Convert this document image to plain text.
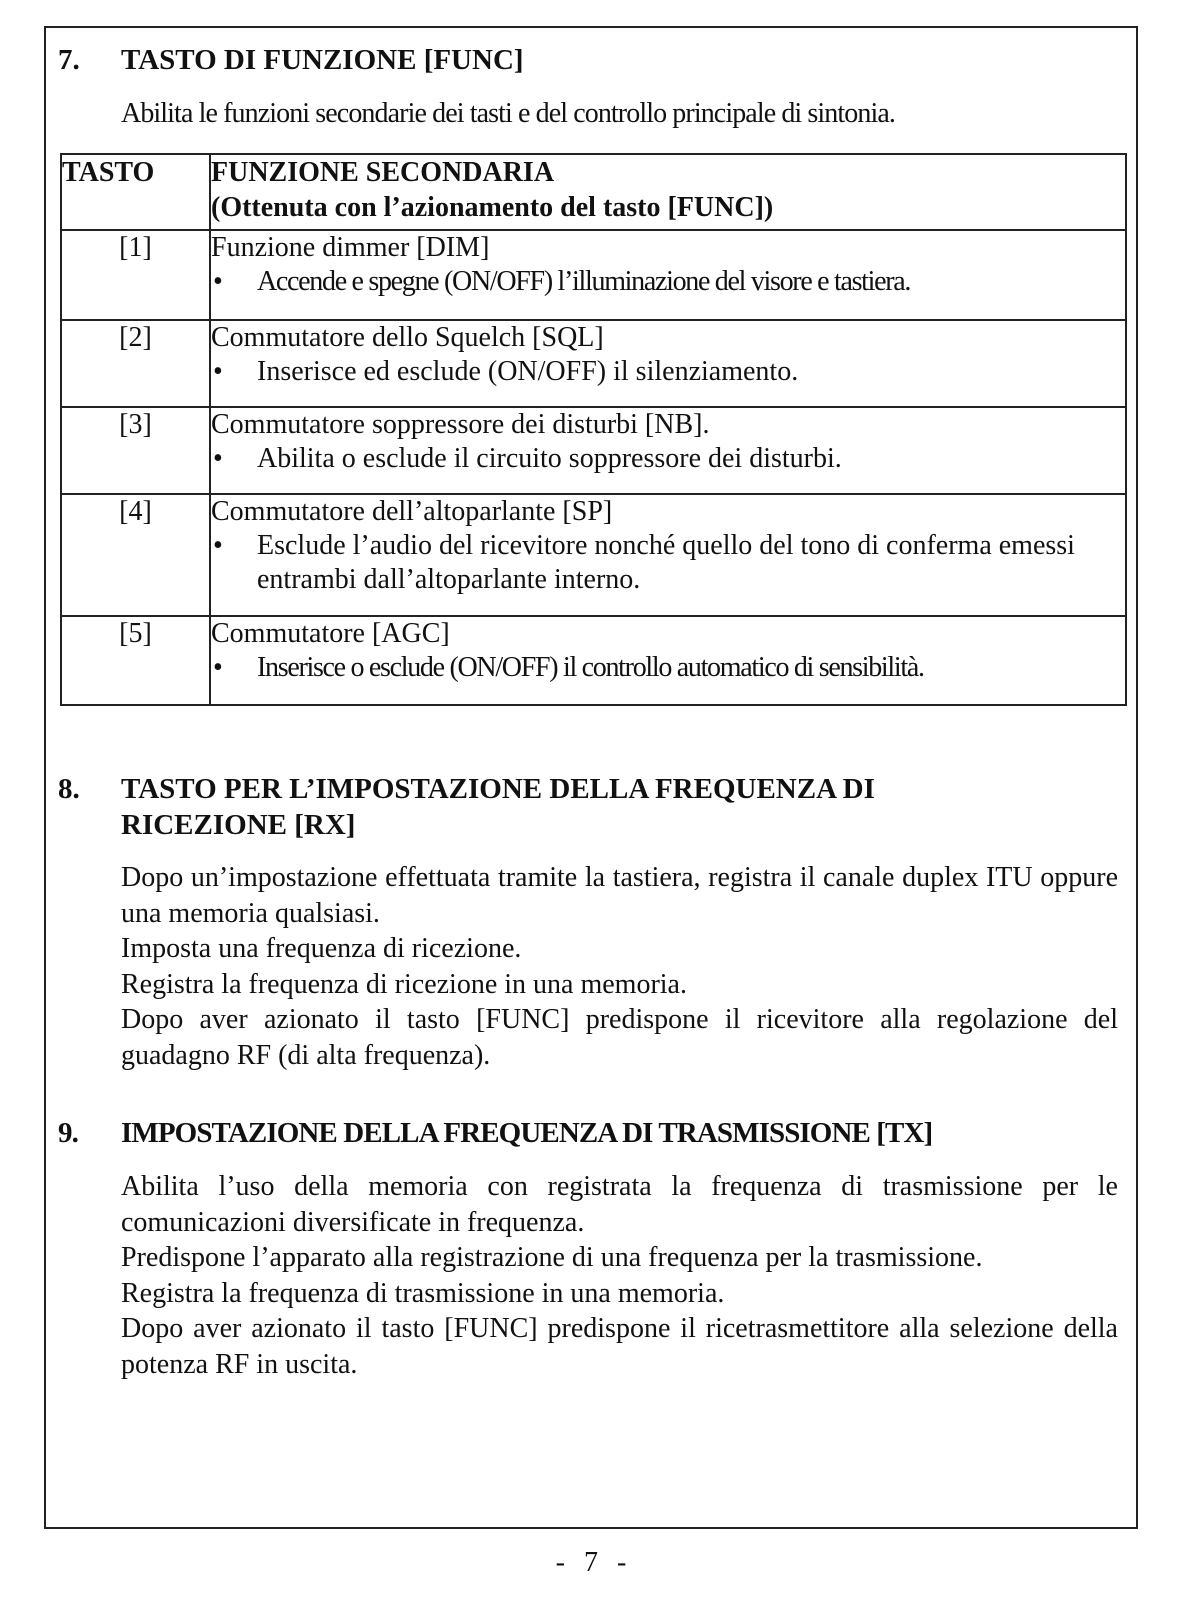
7. TASTO DI FUNZIONE [FUNC]

Abilita le funzioni secondarie dei tasti e del controllo principale di sintonia.

TASTO	FUNZIONE SECONDARIA
(Ottenuta con l’azionamento del tasto [FUNC])

[1]	Funzione dimmer [DIM]
• Accende e spegne (ON/OFF) l’illuminazione del visore e tastiera.

[2]	Commutatore dello Squelch [SQL]
• Inserisce ed esclude (ON/OFF) il silenziamento.

[3]	Commutatore soppressore dei disturbi [NB].
• Abilita o esclude il circuito soppressore dei disturbi.

[4]	Commutatore dell’altoparlante [SP]
• Esclude l’audio del ricevitore nonché quello del tono di conferma emessi entrambi dall’altoparlante interno.

[5]	Commutatore [AGC]
• Inserisce o esclude (ON/OFF) il controllo automatico di sensibilità.
8. TASTO PER L’IMPOSTAZIONE DELLA FREQUENZA DI
RICEZIONE [RX]

Dopo un’impostazione effettuata tramite la tastiera, registra il canale duplex ITU oppure una memoria qualsiasi.

Imposta una frequenza di ricezione.

Registra la frequenza di ricezione in una memoria.

Dopo aver azionato il tasto [FUNC] predispone il ricevitore alla regolazione del guadagno RF (di alta frequenza).

9. IMPOSTAZIONE DELLA FREQUENZA DI TRASMISSIONE [TX]

Abilita l’uso della memoria con registrata la frequenza di trasmissione per le comunicazioni diversificate in frequenza.

Predispone l’apparato alla registrazione di una frequenza per la trasmissione.

Registra la frequenza di trasmissione in una memoria.

Dopo aver azionato il tasto [FUNC] predispone il ricetrasmettitore alla selezione della potenza RF in uscita.

- 7 -
